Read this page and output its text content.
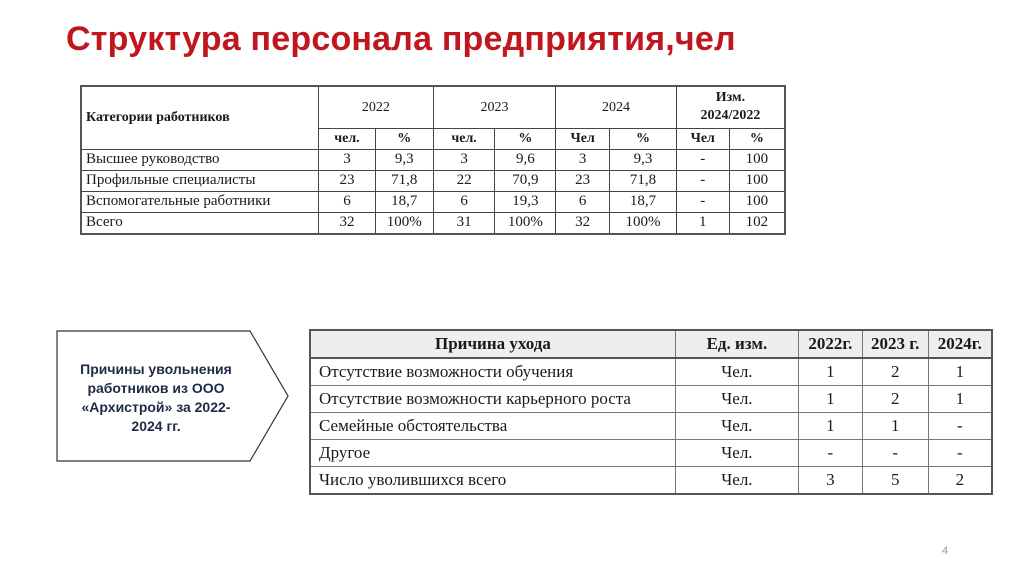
Структура персонала предприятия,чел
Категории работников	2022		2023		2024		Изм.
2024/2022	

	чел.	%	чел.	%	Чел	%	Чел	%
Высшее руководство	3	9,3	3	9,6	3	9,3	-	100
Профильные специалисты	23	71,8	22	70,9	23	71,8	-	100
Вспомогательные работники	6	18,7	6	19,3	6	18,7	-	100
Всего	32	100%	31	100%	32	100%	1	102
Причины увольнения работников из ООО «Архистрой» за 2022-2024 гг.
Причина ухода	Ед. изм.	2022г.	2023 г.	2024г.
Отсутствие возможности обучения	Чел.	1	2	1
Отсутствие возможности карьерного роста	Чел.	1	2	1
Семейные обстоятельства	Чел.	1	1	-
Другое	Чел.	-	-	-
Число уволившихся всего	Чел.	3	5	2
4
